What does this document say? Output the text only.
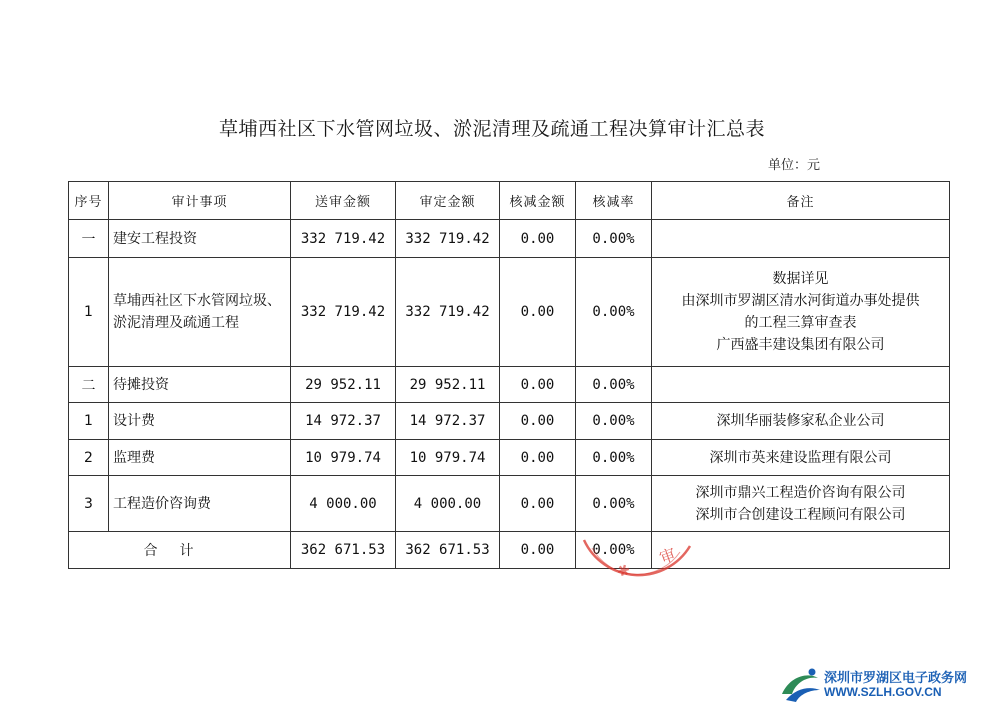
草埔西社区下水管网垃圾、淤泥清理及疏通工程决算审计汇总表
单位：元
序号	审计事项	送审金额	审定金额	核减金额	核减率	备注
一	建安工程投资	332 719.42	332 719.42	0.00	0.00%	
1	草埔西社区下水管网垃圾、淤泥清理及疏通工程	332 719.42	332 719.42	0.00	0.00%	数据详见
由深圳市罗湖区清水河街道办事处提供
的工程三算审查表
广西盛丰建设集团有限公司

二	待摊投资	29 952.11	29 952.11	0.00	0.00%	
1	设计费	14 972.37	14 972.37	0.00	0.00%	深圳华丽装修家私企业公司

2	监理费	10 979.74	10 979.74	0.00	0.00%	深圳市英来建设监理有限公司

3	工程造价咨询费	4 000.00	4 000.00	0.00	0.00%	深圳市鼎兴工程造价咨询有限公司
深圳市合创建设工程顾问有限公司

合计		362 671.53	362 671.53	0.00	0.00%	审
✱
深圳市罗湖区电子政务网
WWW.SZLH.GOV.CN
